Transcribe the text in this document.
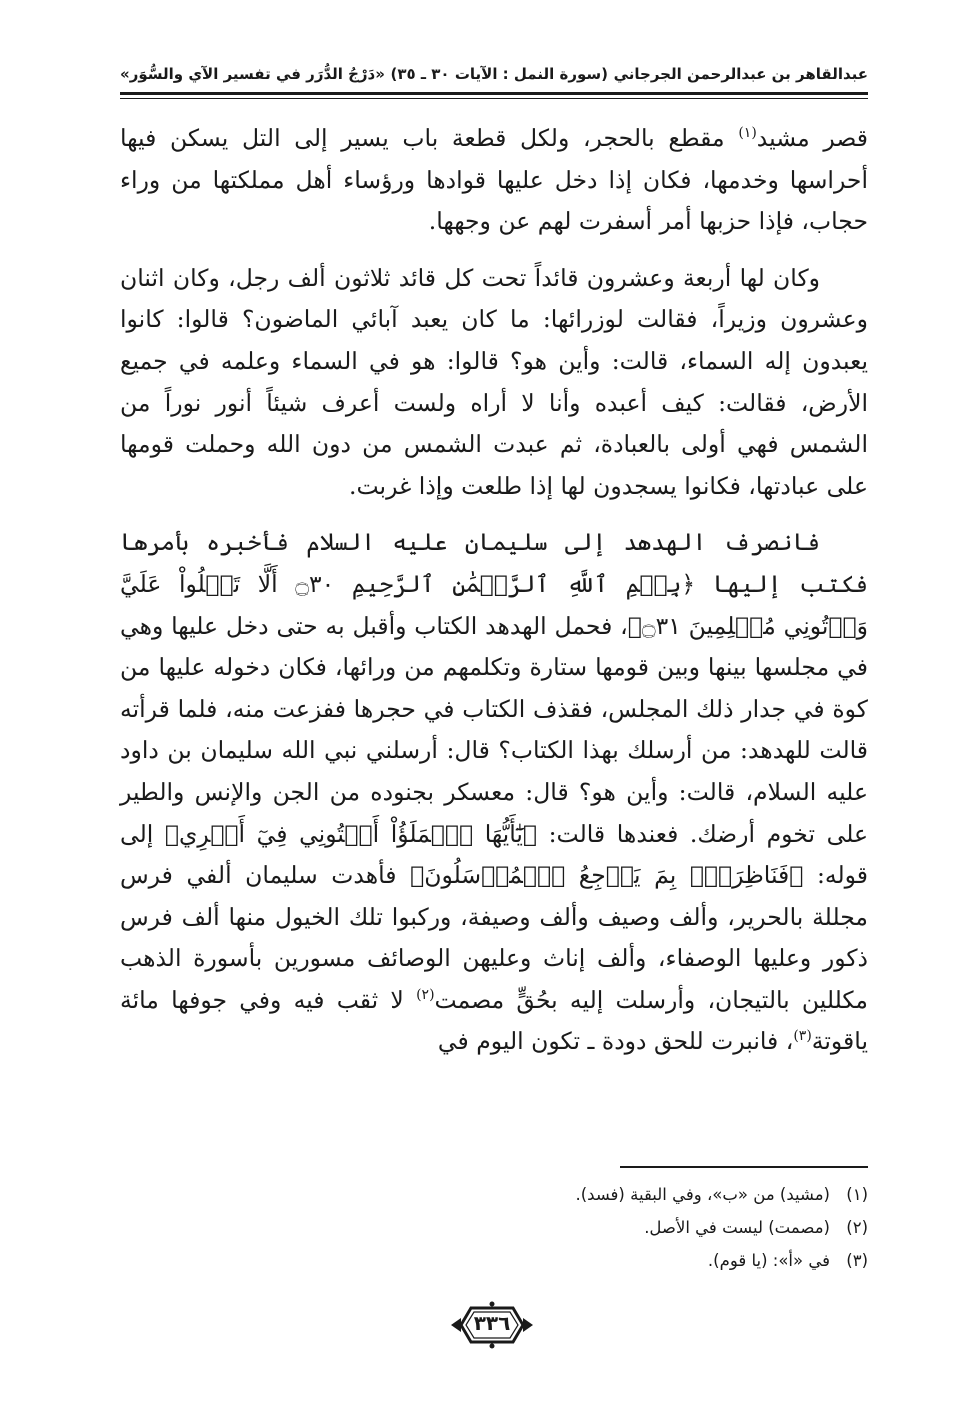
عبدالقاهر بن عبدالرحمن الجرجاني
(سورة النمل : الآيات ٣٠ ـ ٣٥)
«دَرْجُ الدُّرَر في تفسير الآي والسُّوَر»
قصر مشيد$^{(١)}$ مقطع بالحجر، ولكل قطعة باب يسير إلى التل يسكن فيها أحراسها وخدمها، فكان إذا دخل عليها قوادها ورؤساء أهل مملكتها من وراء حجاب، فإذا حزبها أمر أسفرت لهم عن وجهها.
وكان لها أربعة وعشرون قائداً تحت كل قائد ثلاثون ألف رجل، وكان اثنان وعشرون وزيراً، فقالت لوزرائها: ما كان يعبد آبائي الماضون؟ قالوا: كانوا يعبدون إله السماء، قالت: وأين هو؟ قالوا: هو في السماء وعلمه في جميع الأرض، فقالت: كيف أعبده وأنا لا أراه ولست أعرف شيئاً أنور نوراً من الشمس فهي أولى بالعبادة، ثم عبدت الشمس من دون الله وحملت قومها على عبادتها، فكانوا يسجدون لها إذا طلعت وإذا غربت.
فانصرف الهدهد إلى سليمان عليه السلام فأخبره بأمرها فكتب إليها ﴿بِسۡمِ ٱللَّهِ ٱلرَّحۡمَٰنِ ٱلرَّحِيمِ ۝٣٠ أَلَّا تَعۡلُواْ عَلَيَّ وَأۡتُونِي مُسۡلِمِينَ ۝٣١﴾، فحمل الهدهد الكتاب وأقبل به حتى دخل عليها وهي في مجلسها بينها وبين قومها ستارة وتكلمهم من ورائها، فكان دخوله عليها من كوة في جدار ذلك المجلس، فقذف الكتاب في حجرها ففزعت منه، فلما قرأته قالت للهدهد: من أرسلك بهذا الكتاب؟ قال: أرسلني نبي الله سليمان بن داود عليه السلام، قالت: وأين هو؟ قال: معسكر بجنوده من الجن والإنس والطير على تخوم أرضك. فعندها قالت: ﴿يَٰٓأَيُّهَا ٱلۡمَلَؤُاْ أَفۡتُونِي فِيٓ أَمۡرِي﴾ إلى قوله: ﴿فَنَاظِرَةُۢ بِمَ يَرۡجِعُ ٱلۡمُرۡسَلُونَ﴾ فأهدت سليمان ألفي فرس مجللة بالحرير، وألف وصيف وألف وصيفة، وركبوا تلك الخيول منها ألف فرس ذكور وعليها الوصفاء، وألف إناث وعليهن الوصائف مسورين بأسورة الذهب مكللين بالتيجان، وأرسلت إليه بحُقٍّ مصمت$^{(٢)}$ لا ثقب فيه وفي جوفها مائة ياقوتة$^{(٣)}$، فانبرت للحق دودة ـ تكون اليوم في
(١)
(مشيد) من «ب»، وفي البقية (فسد).
(٢)
(مصمت) ليست في الأصل.
(٣)
في «أ»: (يا قوم).
٣٣٦
